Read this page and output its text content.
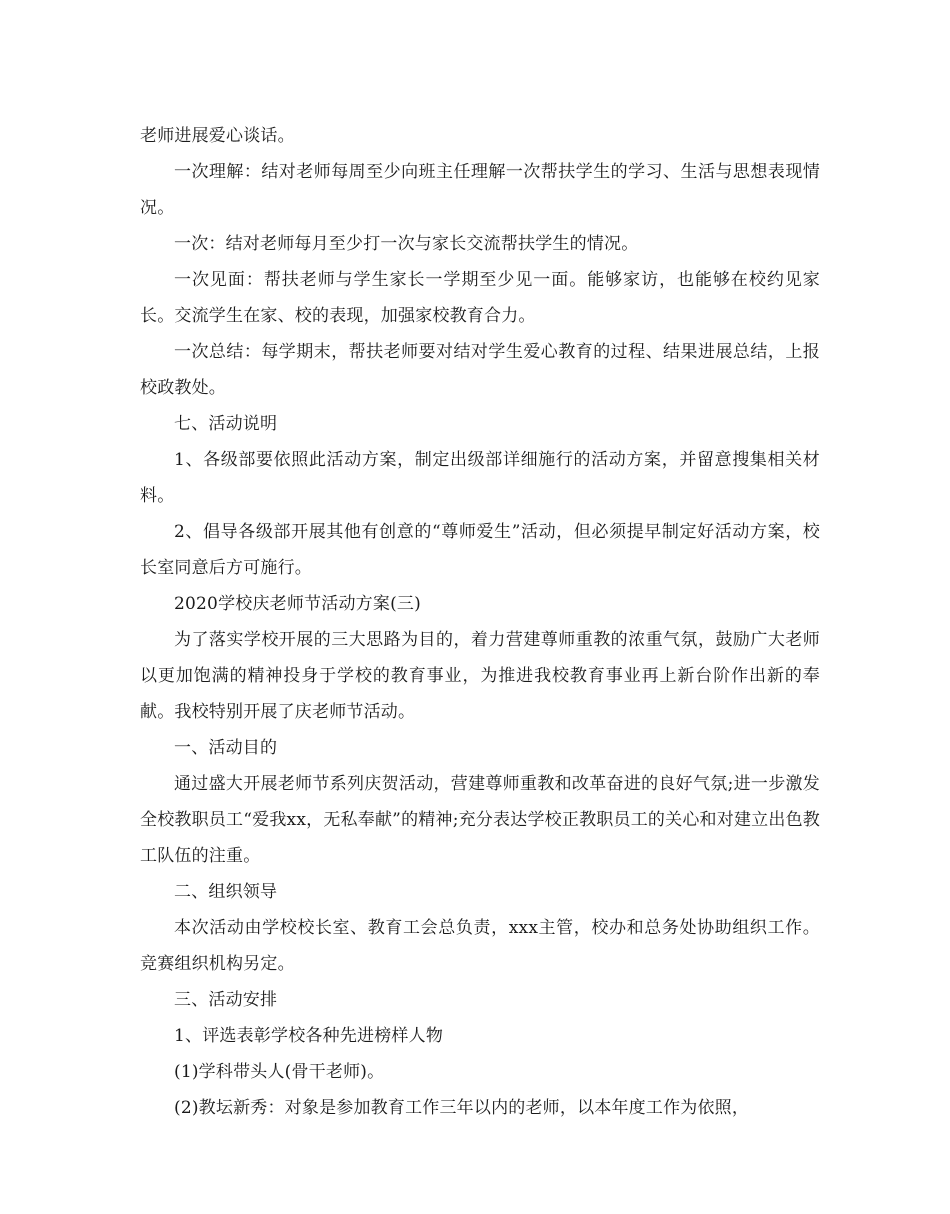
老师进展爱心谈话。

一次理解：结对老师每周至少向班主任理解一次帮扶学生的学习、生活与思想表现情况。

一次：结对老师每月至少打一次与家长交流帮扶学生的情况。

一次见面：帮扶老师与学生家长一学期至少见一面。能够家访，也能够在校约见家长。交流学生在家、校的表现，加强家校教育合力。

一次总结：每学期末，帮扶老师要对结对学生爱心教育的过程、结果进展总结，上报校政教处。

七、活动说明

1、各级部要依照此活动方案，制定出级部详细施行的活动方案，并留意搜集相关材料。

2、倡导各级部开展其他有创意的“尊师爱生”活动，但必须提早制定好活动方案，校长室同意后方可施行。

2020学校庆老师节活动方案(三)

为了落实学校开展的三大思路为目的，着力营建尊师重教的浓重气氛，鼓励广大老师以更加饱满的精神投身于学校的教育事业，为推进我校教育事业再上新台阶作出新的奉献。我校特别开展了庆老师节活动。

一、活动目的

通过盛大开展老师节系列庆贺活动，营建尊师重教和改革奋进的良好气氛;进一步激发全校教职员工“爱我xx，无私奉献”的精神;充分表达学校正教职员工的关心和对建立出色教工队伍的注重。

二、组织领导

本次活动由学校校长室、教育工会总负责，xxx主管，校办和总务处协助组织工作。竞赛组织机构另定。

三、活动安排

1、评选表彰学校各种先进榜样人物

(1)学科带头人(骨干老师)。

(2)教坛新秀：对象是参加教育工作三年以内的老师，以本年度工作为依照，
